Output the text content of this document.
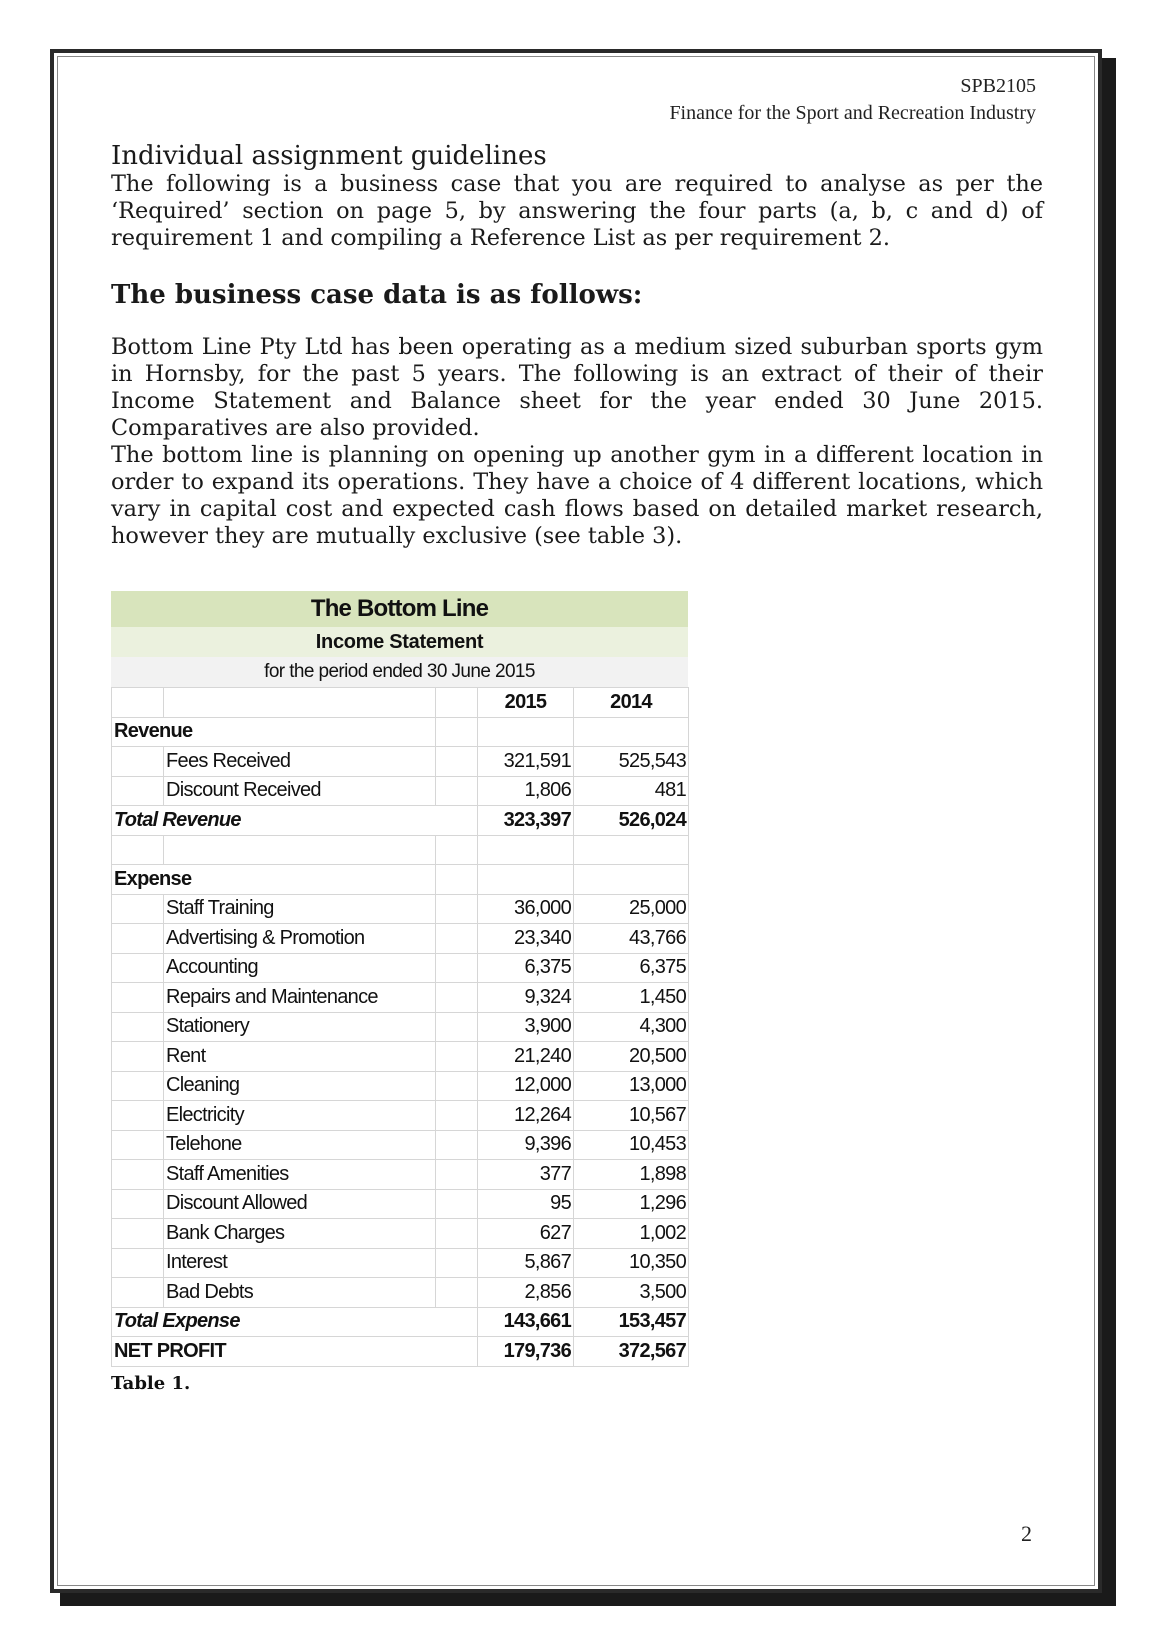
SPB2105
Finance for the Sport and Recreation Industry

Individual assignment guidelines

The following is a business case that you are required to analyse as per the ‘Required’ section on page 5, by answering the four parts (a, b, c and d) of requirement 1 and compiling a Reference List as per requirement 2.

The business case data is as follows:

Bottom Line Pty Ltd has been operating as a medium sized suburban sports gym in Hornsby, for the past 5 years. The following is an extract of their of their Income Statement and Balance sheet for the year ended 30 June 2015. Comparatives are also provided.

The bottom line is planning on opening up another gym in a different location in order to expand its operations. They have a choice of 4 different locations, which vary in capital cost and expected cash flows based on detailed market research, however they are mutually exclusive (see table 3).

2
The Bottom Line
Income Statement
for the period ended 30 June 2015
			2015	2014
Revenue				
	Fees Received		321,591	525,543
	Discount Received		1,806	481
Total Revenue			323,397	526,024

Expense				
	Staff Training		36,000	25,000
	Advertising & Promotion		23,340	43,766
	Accounting		6,375	6,375
	Repairs and Maintenance		9,324	1,450
	Stationery		3,900	4,300
	Rent		21,240	20,500
	Cleaning		12,000	13,000
	Electricity		12,264	10,567
	Telehone		9,396	10,453
	Staff Amenities		377	1,898
	Discount Allowed		95	1,296
	Bank Charges		627	1,002
	Interest		5,867	10,350
	Bad Debts		2,856	3,500
Total Expense			143,661	153,457
NET PROFIT			179,736	372,567
Table 1.
